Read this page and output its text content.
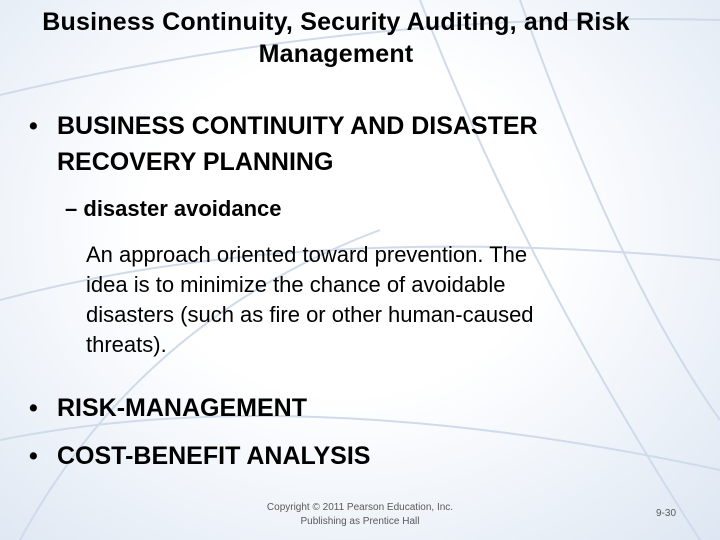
Business Continuity, Security Auditing, and Risk
Management
• BUSINESS CONTINUITY AND DISASTER
RECOVERY PLANNING
– disaster avoidance
An approach oriented toward prevention. The
idea is to minimize the chance of avoidable
disasters (such as fire or other human-caused
threats).
• RISK-MANAGEMENT
• COST-BENEFIT ANALYSIS
Copyright © 2011 Pearson Education, Inc.
Publishing as Prentice Hall
9-30
